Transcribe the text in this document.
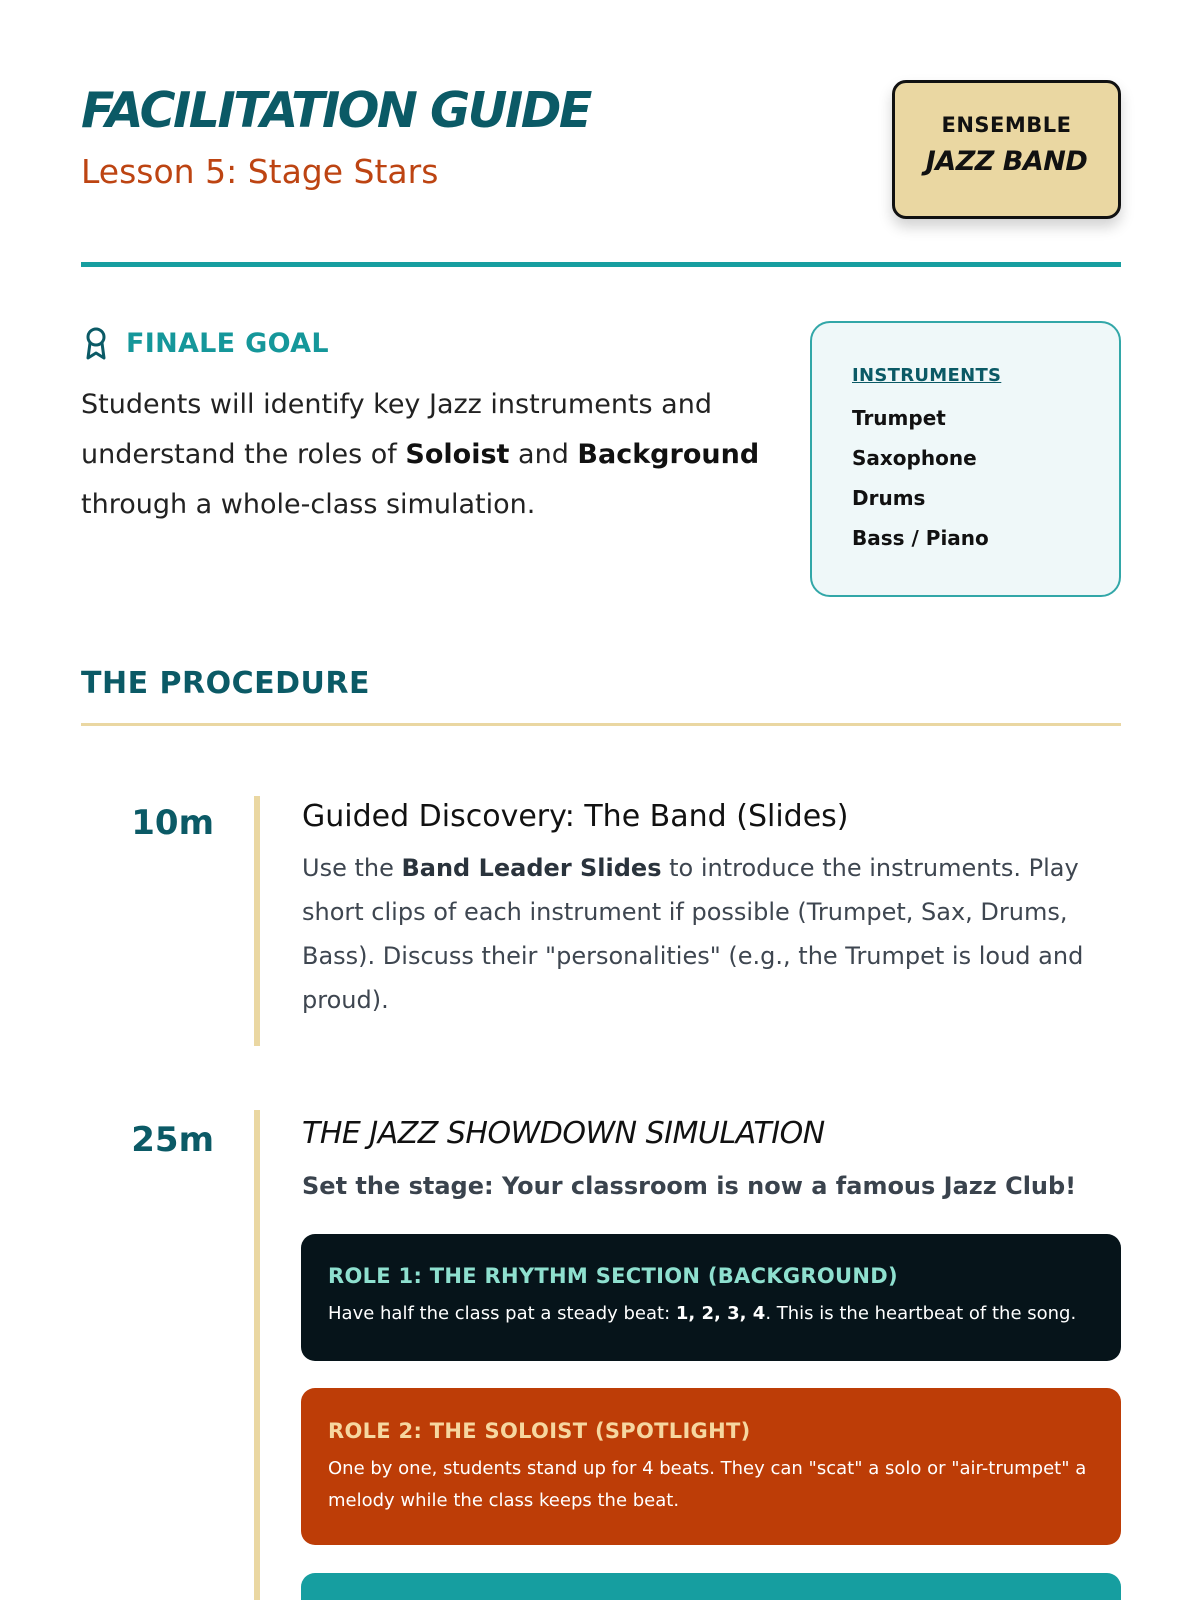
FACILITATION GUIDE
Lesson 5: Stage Stars
ENSEMBLE
JAZZ BAND
FINALE GOAL
Students will identify key Jazz instruments and understand the roles of Soloist and Background through a whole-class simulation.
INSTRUMENTS
Trumpet
Saxophone
Drums
Bass / Piano
THE PROCEDURE
10m	Guided Discovery: The Band (Slides)
Use the Band Leader Slides to introduce the instruments. Play short clips of each instrument if possible (Trumpet, Sax, Drums, Bass). Discuss their "personalities" (e.g., the Trumpet is loud and proud).
25m	THE JAZZ SHOWDOWN SIMULATION
Set the stage: Your classroom is now a famous Jazz Club!
ROLE 1: THE RHYTHM SECTION (BACKGROUND)
Have half the class pat a steady beat: 1, 2, 3, 4. This is the heartbeat of the song.
ROLE 2: THE SOLOIST (SPOTLIGHT)
One by one, students stand up for 4 beats. They can "scat" a solo or "air-trumpet" a melody while the class keeps the beat.
